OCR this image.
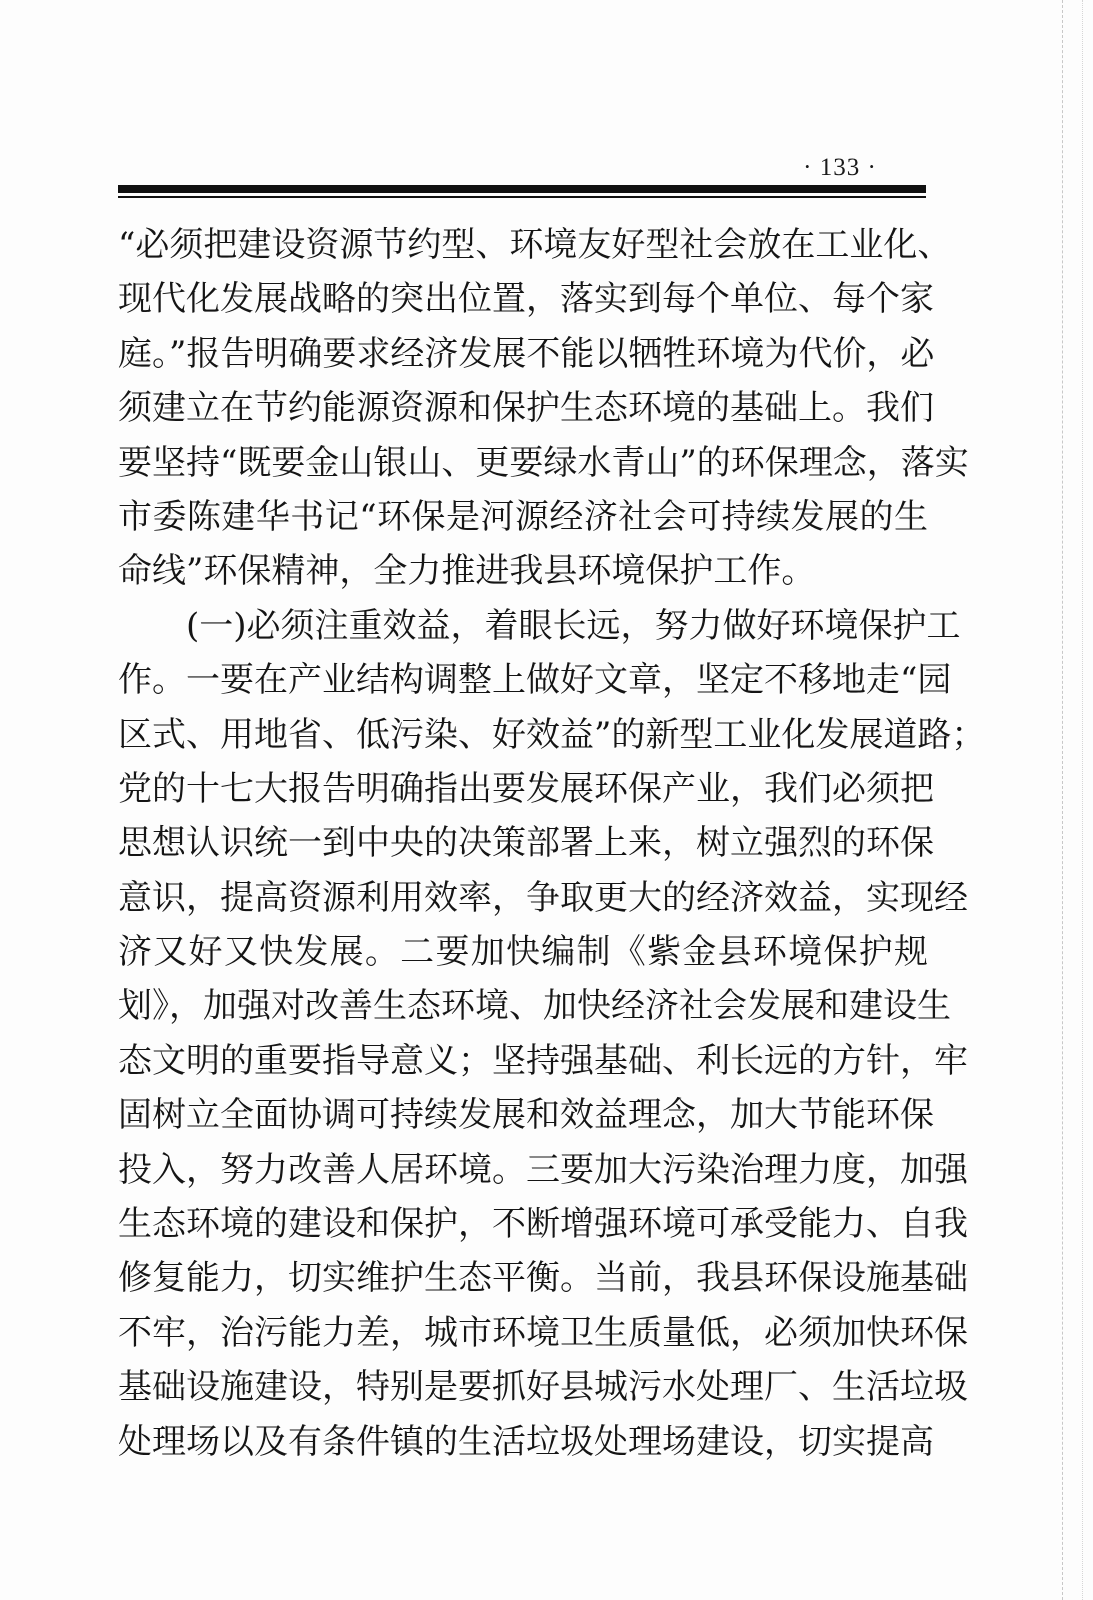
· 133 ·
“必须把建设资源节约型、环境友好型社会放在工业化、
现代化发展战略的突出位置，落实到每个单位、每个家
庭。”报告明确要求经济发展不能以牺牲环境为代价，必
须建立在节约能源资源和保护生态环境的基础上。我们
要坚持“既要金山银山、更要绿水青山”的环保理念，落实
市委陈建华书记“环保是河源经济社会可持续发展的生
命线”环保精神，全力推进我县环境保护工作。
(一)必须注重效益，着眼长远，努力做好环境保护工
作。一要在产业结构调整上做好文章，坚定不移地走“园
区式、用地省、低污染、好效益”的新型工业化发展道路；
党的十七大报告明确指出要发展环保产业，我们必须把
思想认识统一到中央的决策部署上来，树立强烈的环保
意识，提高资源利用效率，争取更大的经济效益，实现经
济又好又快发展。二要加快编制《紫金县环境保护规
划》，加强对改善生态环境、加快经济社会发展和建设生
态文明的重要指导意义；坚持强基础、利长远的方针，牢
固树立全面协调可持续发展和效益理念，加大节能环保
投入，努力改善人居环境。三要加大污染治理力度，加强
生态环境的建设和保护，不断增强环境可承受能力、自我
修复能力，切实维护生态平衡。当前，我县环保设施基础
不牢，治污能力差，城市环境卫生质量低，必须加快环保
基础设施建设，特别是要抓好县城污水处理厂、生活垃圾
处理场以及有条件镇的生活垃圾处理场建设，切实提高
